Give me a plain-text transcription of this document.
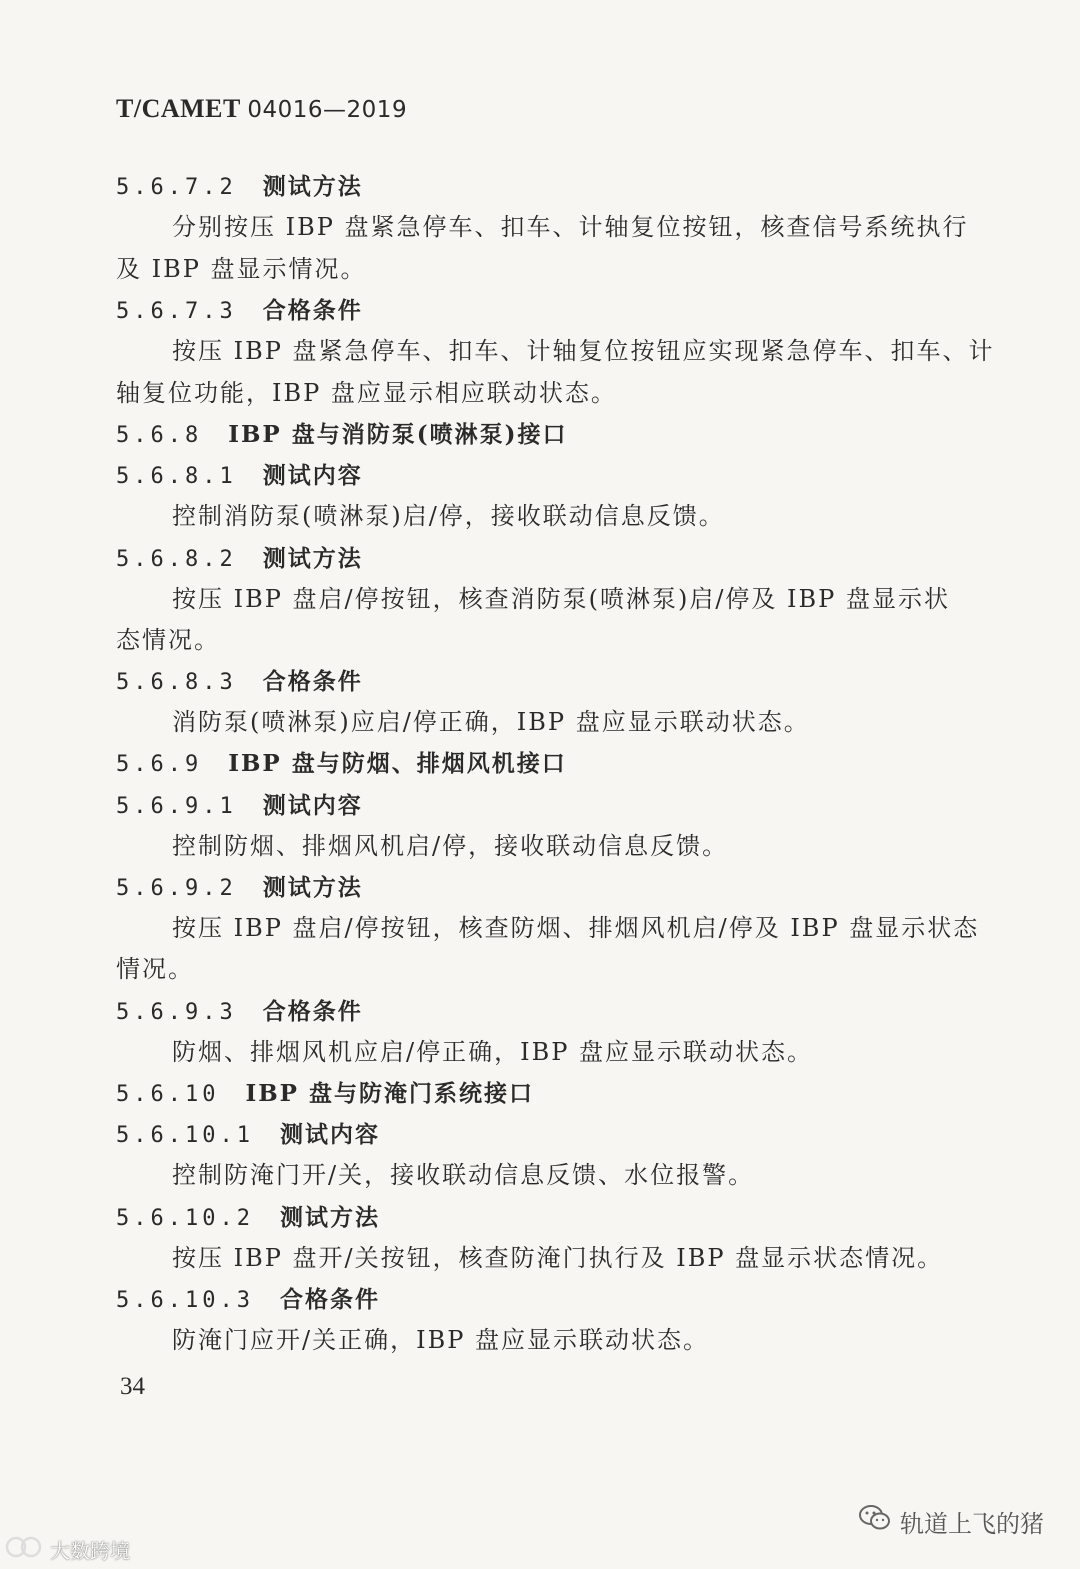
T/CAMET 04016—2019
5.6.7.2 测试方法
分别按压 IBP 盘紧急停车、扣车、计轴复位按钮，核查信号系统执行
及 IBP 盘显示情况。
5.6.7.3 合格条件
按压 IBP 盘紧急停车、扣车、计轴复位按钮应实现紧急停车、扣车、计
轴复位功能，IBP 盘应显示相应联动状态。
5.6.8 IBP 盘与消防泵(喷淋泵)接口
5.6.8.1 测试内容
控制消防泵(喷淋泵)启/停，接收联动信息反馈。
5.6.8.2 测试方法
按压 IBP 盘启/停按钮，核查消防泵(喷淋泵)启/停及 IBP 盘显示状
态情况。
5.6.8.3 合格条件
消防泵(喷淋泵)应启/停正确，IBP 盘应显示联动状态。
5.6.9 IBP 盘与防烟、排烟风机接口
5.6.9.1 测试内容
控制防烟、排烟风机启/停，接收联动信息反馈。
5.6.9.2 测试方法
按压 IBP 盘启/停按钮，核查防烟、排烟风机启/停及 IBP 盘显示状态
情况。
5.6.9.3 合格条件
防烟、排烟风机应启/停正确，IBP 盘应显示联动状态。
5.6.10 IBP 盘与防淹门系统接口
5.6.10.1 测试内容
控制防淹门开/关，接收联动信息反馈、水位报警。
5.6.10.2 测试方法
按压 IBP 盘开/关按钮，核查防淹门执行及 IBP 盘显示状态情况。
5.6.10.3 合格条件
防淹门应开/关正确，IBP 盘应显示联动状态。
34
轨道上飞的猪
大数跨境
